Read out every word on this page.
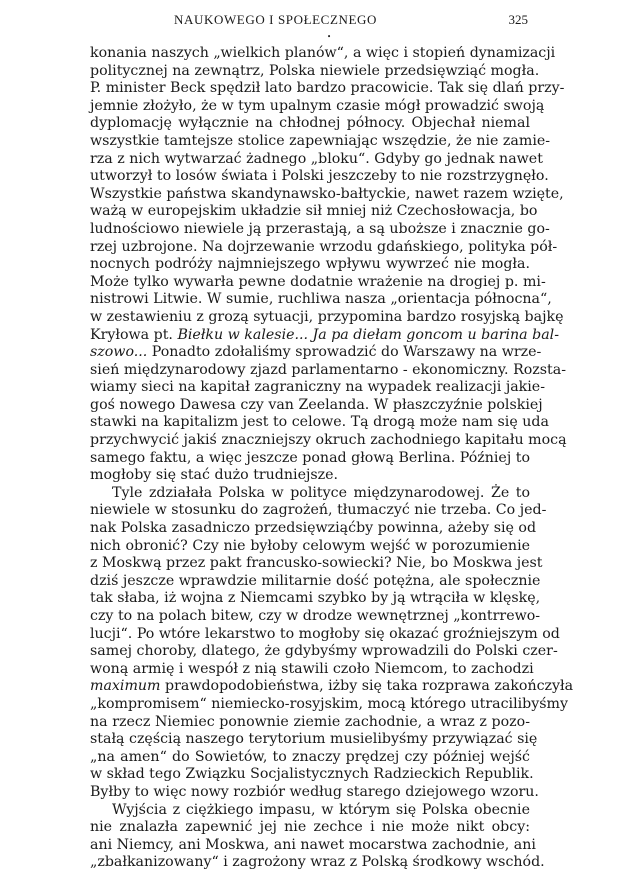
NAUKOWEGO I SPOŁECZNEGO	325
•
konania naszych „wielkich planów“, a więc i stopień dynamizacji
politycznej na zewnątrz, Polska niewiele przedsięwziąć mogła.
P. minister Beck spędził lato bardzo pracowicie. Tak się dlań przy-
jemnie złożyło, że w tym upalnym czasie mógł prowadzić swoją
dyplomację wyłącznie na chłodnej północy. Objechał niemal
wszystkie tamtejsze stolice zapewniając wszędzie, że nie zamie-
rza z nich wytwarzać żadnego „bloku“. Gdyby go jednak nawet
utworzył to losów świata i Polski jeszczeby to nie rozstrzygnęło.
Wszystkie państwa skandynawsko-bałtyckie, nawet razem wzięte,
ważą w europejskim układzie sił mniej niż Czechosłowacja, bo
ludnościowo niewiele ją przerastają, a są uboższe i znacznie go-
rzej uzbrojone. Na dojrzewanie wrzodu gdańskiego, polityka pół-
nocnych podróży najmniejszego wpływu wywrzeć nie mogła.
Może tylko wywarła pewne dodatnie wrażenie na drogiej p. mi-
nistrowi Litwie. W sumie, ruchliwa nasza „orientacja północna“,
w zestawieniu z grozą sytuacji, przypomina bardzo rosyjską bajkę
Kryłowa pt. Biełku w kalesie... Ja pa diełam goncom u barina bal-
szowo... Ponadto zdołaliśmy sprowadzić do Warszawy na wrze-
sień międzynarodowy zjazd parlamentarno - ekonomiczny. Rozsta-
wiamy sieci na kapitał zagraniczny na wypadek realizacji jakie-
goś nowego Dawesa czy van Zeelanda. W płaszczyźnie polskiej
stawki na kapitalizm jest to celowe. Tą drogą może nam się uda
przychwycić jakiś znaczniejszy okruch zachodniego kapitału mocą
samego faktu, a więc jeszcze ponad głową Berlina. Później to
mogłoby się stać dużo trudniejsze.
Tyle zdziałała Polska w polityce międzynarodowej. Że to
niewiele w stosunku do zagrożeń, tłumaczyć nie trzeba. Co jed-
nak Polska zasadniczo przedsięwziąćby powinna, ażeby się od
nich obronić? Czy nie byłoby celowym wejść w porozumienie
z Moskwą przez pakt francusko-sowiecki? Nie, bo Moskwa jest
dziś jeszcze wprawdzie militarnie dość potężna, ale społecznie
tak słaba, iż wojna z Niemcami szybko by ją wtrąciła w klęskę,
czy to na polach bitew, czy w drodze wewnętrznej „kontrrewo-
lucji“. Po wtóre lekarstwo to mogłoby się okazać groźniejszym od
samej choroby, dlatego, że gdybyśmy wprowadzili do Polski czer-
woną armię i wespół z nią stawili czoło Niemcom, to zachodzi
maximum prawdopodobieństwa, iżby się taka rozprawa zakończyła
„kompromisem“ niemiecko-rosyjskim, mocą którego utracilibyśmy
na rzecz Niemiec ponownie ziemie zachodnie, a wraz z pozo-
stałą częścią naszego terytorium musielibyśmy przywiązać się
„na amen“ do Sowietów, to znaczy prędzej czy później wejść
w skład tego Związku Socjalistycznych Radzieckich Republik.
Byłby to więc nowy rozbiór według starego dziejowego wzoru.
Wyjścia z ciężkiego impasu, w którym się Polska obecnie
nie znalazła zapewnić jej nie zechce i nie może nikt obcy:
ani Niemcy, ani Moskwa, ani nawet mocarstwa zachodnie, ani
„zbałkanizowany“ i zagrożony wraz z Polską środkowy wschód.
